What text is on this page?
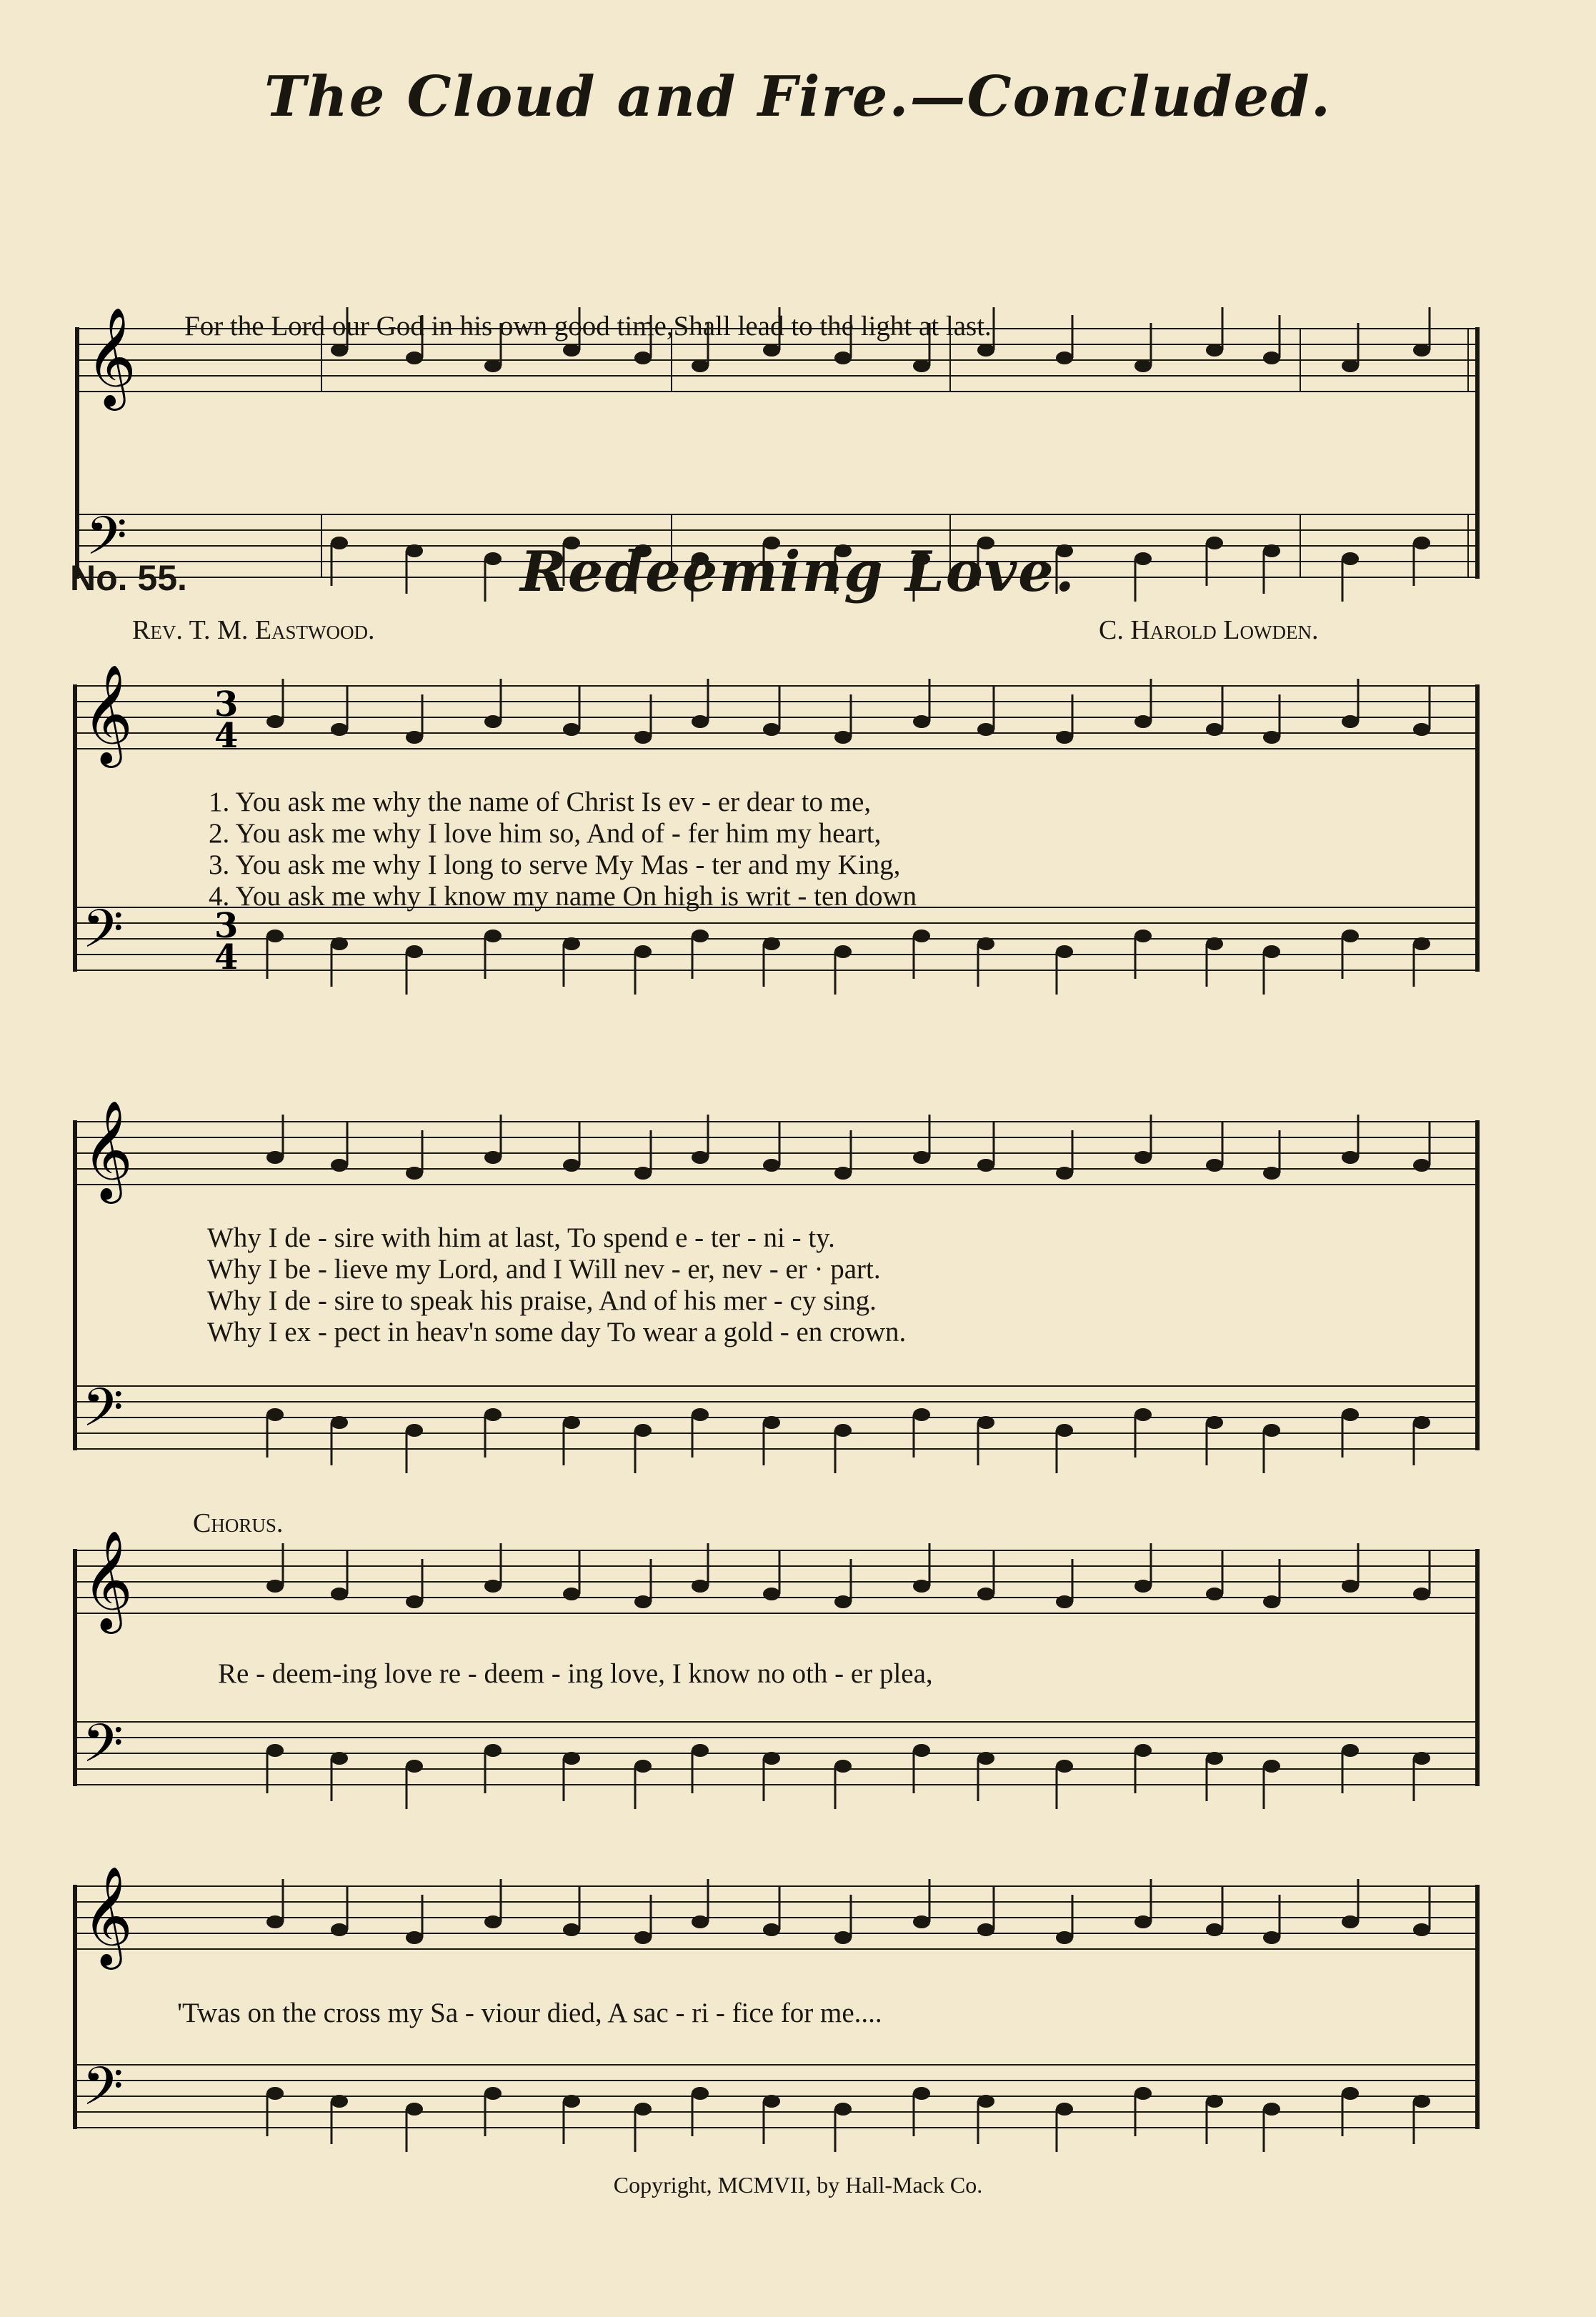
The Cloud and Fire.—Concluded.
𝄞
𝄢
For the Lord our God in his own good time,Shall lead to the light at last.
No. 55.	Redeeming Love.
Rev. T. M. Eastwood.	C. Harold Lowden.
𝄞
𝄢
3
4
3
4
1. You ask me why the name of Christ Is ev - er dear to me,
2. You ask me why I love him so, And of - fer him my heart,
3. You ask me why I long to serve My Mas - ter and my King,
4. You ask me why I know my name On high is writ - ten down
𝄞
𝄢
Why I de - sire with him at last, To spend e - ter - ni - ty.
Why I be - lieve my Lord, and I Will nev - er, nev - er · part.
Why I de - sire to speak his praise, And of his mer - cy sing.
Why I ex - pect in heav'n some day To wear a gold - en crown.
Chorus.
𝄞
𝄢
Re - deem-ing love re - deem - ing love, I know no oth - er plea,
𝄞
𝄢
'Twas on the cross my Sa - viour died, A sac - ri - fice for me....
Copyright, MCMVII, by Hall-Mack Co.
